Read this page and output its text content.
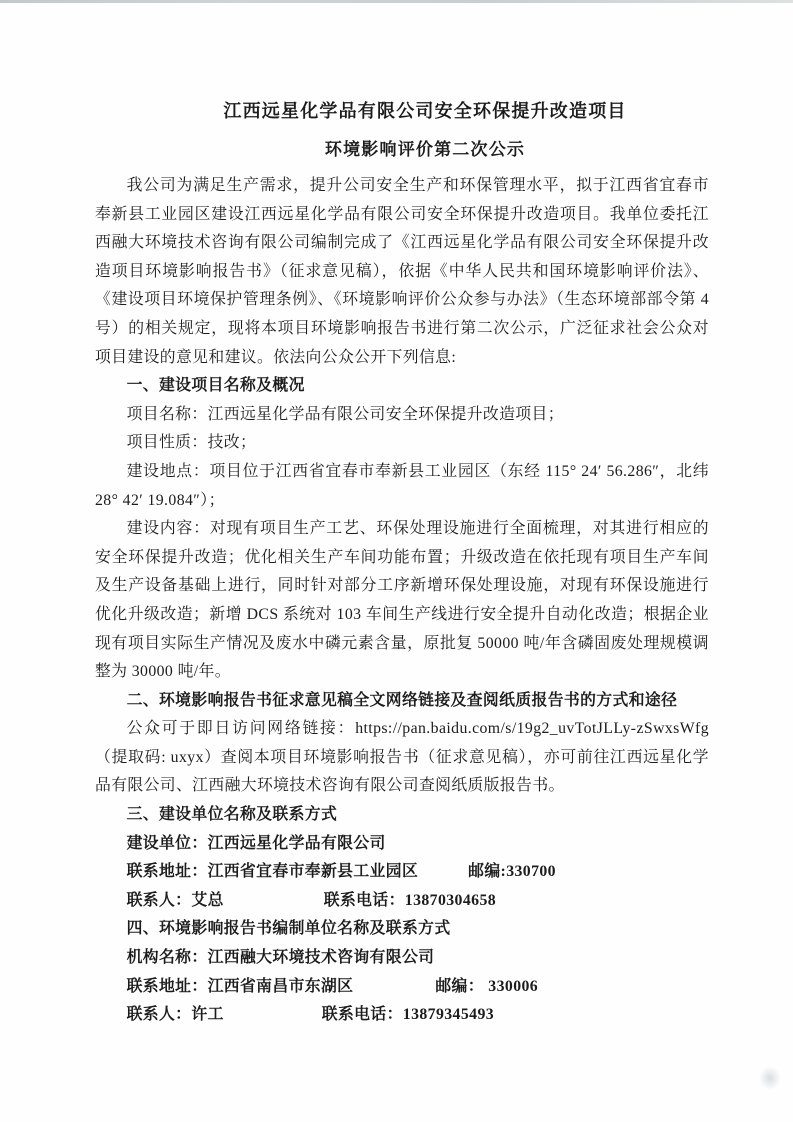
江西远星化学品有限公司安全环保提升改造项目
环境影响评价第二次公示

我公司为满足生产需求，提升公司安全生产和环保管理水平，拟于江西省宜春市奉新县工业园区建设江西远星化学品有限公司安全环保提升改造项目。我单位委托江西融大环境技术咨询有限公司编制完成了《江西远星化学品有限公司安全环保提升改造项目环境影响报告书》（征求意见稿），依据《中华人民共和国环境影响评价法》、《建设项目环境保护管理条例》、《环境影响评价公众参与办法》（生态环境部部令第 4 号）的相关规定，现将本项目环境影响报告书进行第二次公示，广泛征求社会公众对项目建设的意见和建议。依法向公众公开下列信息:

一、建设项目名称及概况

项目名称：江西远星化学品有限公司安全环保提升改造项目；

项目性质：技改；

建设地点：项目位于江西省宜春市奉新县工业园区（东经 115° 24′ 56.286″，北纬 28° 42′ 19.084″）；

建设内容：对现有项目生产工艺、环保处理设施进行全面梳理，对其进行相应的安全环保提升改造；优化相关生产车间功能布置；升级改造在依托现有项目生产车间及生产设备基础上进行，同时针对部分工序新增环保处理设施，对现有环保设施进行优化升级改造；新增 DCS 系统对 103 车间生产线进行安全提升自动化改造；根据企业现有项目实际生产情况及废水中磷元素含量，原批复 50000 吨/年含磷固废处理规模调整为 30000 吨/年。

二、环境影响报告书征求意见稿全文网络链接及查阅纸质报告书的方式和途径

公众可于即日访问网络链接：https://pan.baidu.com/s/19g2_uvTotJLLy-zSwxsWfg（提取码: uxyx）查阅本项目环境影响报告书（征求意见稿），亦可前往江西远星化学品有限公司、江西融大环境技术咨询有限公司查阅纸质版报告书。

三、建设单位名称及联系方式

建设单位：江西远星化学品有限公司

联系地址：江西省宜春市奉新县工业园区	邮编:330700

联系人：艾总	联系电话：13870304658

四、环境影响报告书编制单位名称及联系方式

机构名称：江西融大环境技术咨询有限公司

联系地址：江西省南昌市东湖区	邮编： 330006

联系人：许工	联系电话：13879345493
